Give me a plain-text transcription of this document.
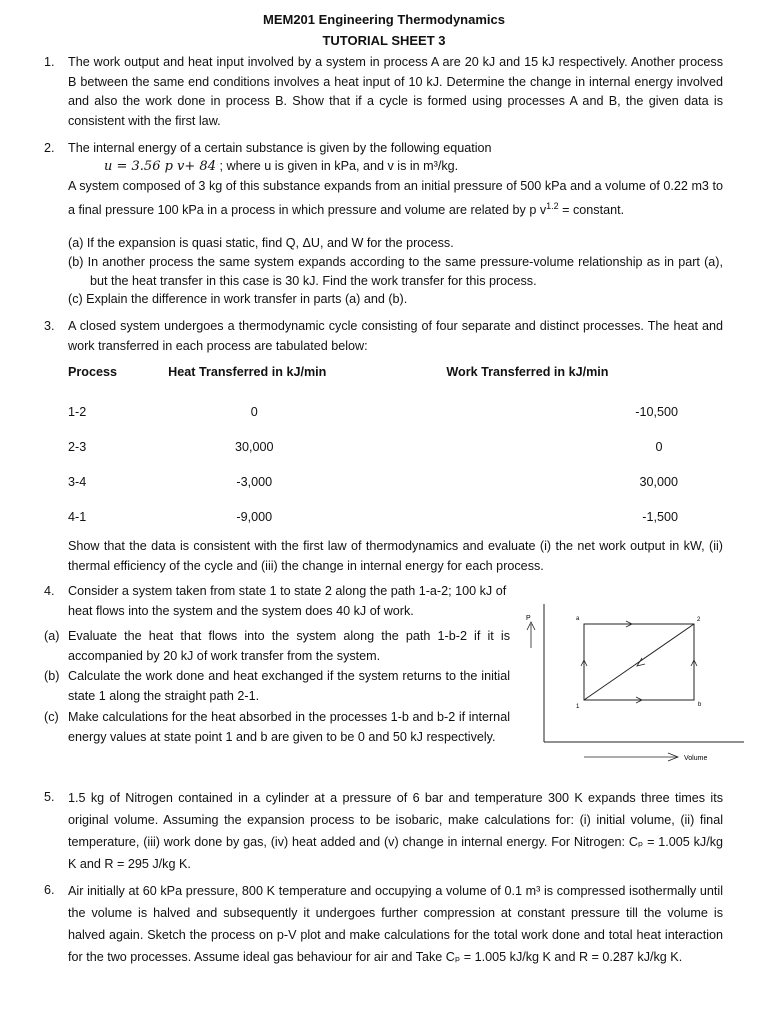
MEM201 Engineering Thermodynamics
TUTORIAL SHEET 3
1. The work output and heat input involved by a system in process A are 20 kJ and 15 kJ respectively. Another process B between the same end conditions involves a heat input of 10 kJ. Determine the change in internal energy involved and also the work done in process B. Show that if a cycle is formed using processes A and B, the given data is consistent with the first law.
2. The internal energy of a certain substance is given by the following equation
u = 3.56 p v+ 84 ; where u is given in kPa, and v is in m³/kg.
A system composed of 3 kg of this substance expands from an initial pressure of 500 kPa and a volume of 0.22 m3 to a final pressure 100 kPa in a process in which pressure and volume are related by p $v^{1.2}$ = constant.
(a) If the expansion is quasi static, find Q, ΔU, and W for the process.
(b) In another process the same system expands according to the same pressure-volume relationship as in part (a), but the heat transfer in this case is 30 kJ. Find the work transfer for this process.
(c) Explain the difference in work transfer in parts (a) and (b).
3. A closed system undergoes a thermodynamic cycle consisting of four separate and distinct processes. The heat and work transferred in each process are tabulated below:
Process	Heat Transferred in kJ/min	Work Transferred in kJ/min

1-2	0	-10,500
2-3	30,000	0
3-4	-3,000	30,000
4-1	-9,000	-1,500
Show that the data is consistent with the first law of thermodynamics and evaluate (i) the net work output in kW, (ii) thermal efficiency of the cycle and (iii) the change in internal energy for each process.
4. Consider a system taken from state 1 to state 2 along the path 1-a-2; 100 kJ of heat flows into the system and the system does 40 kJ of work.
(a) Evaluate the heat that flows into the system along the path 1-b-2 if it is accompanied by 20 kJ of work transfer from the system.
(b) Calculate the work done and heat exchanged if the system returns to the initial state 1 along the straight path 2-1.
(c) Make calculations for the heat absorbed in the processes 1-b and b-2 if internal energy values at state point 1 and b are given to be 0 and 50 kJ respectively.
P
Volume
a	2
1	b
5. 1.5 kg of Nitrogen contained in a cylinder at a pressure of 6 bar and temperature 300 K expands three times its original volume. Assuming the expansion process to be isobaric, make calculations for: (i) initial volume, (ii) final temperature, (iii) work done by gas, (iv) heat added and (v) change in internal energy. For Nitrogen: Cₚ = 1.005 kJ/kg K and R = 295 J/kg K.
6. Air initially at 60 kPa pressure, 800 K temperature and occupying a volume of 0.1 m³ is compressed isothermally until the volume is halved and subsequently it undergoes further compression at constant pressure till the volume is halved again. Sketch the process on p-V plot and make calculations for the total work done and total heat interaction for the two processes. Assume ideal gas behaviour for air and Take Cₚ = 1.005 kJ/kg K and R = 0.287 kJ/kg K.
